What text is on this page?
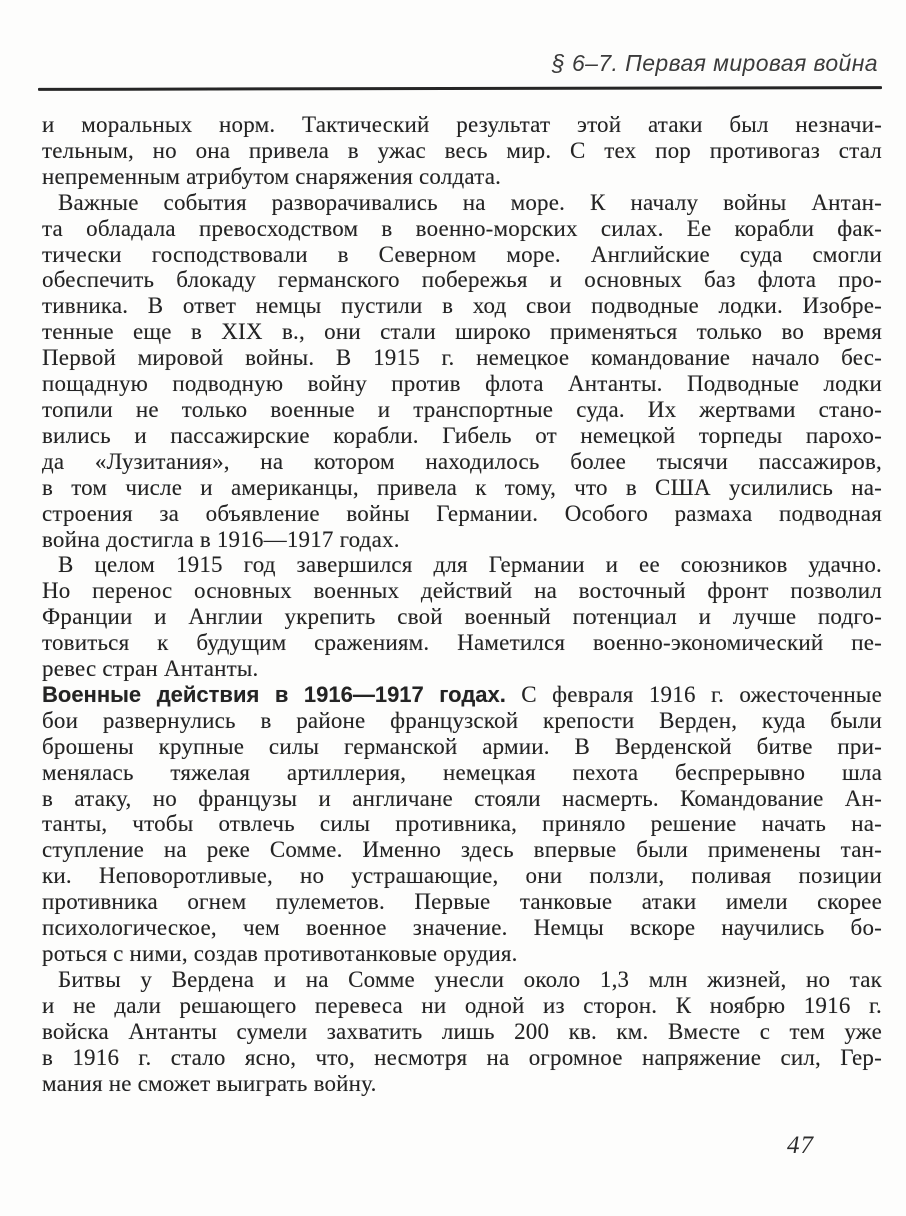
§ 6–7. Первая мировая война
и моральных норм. Тактический результат этой атаки был незначи-
тельным, но она привела в ужас весь мир. С тех пор противогаз стал
непременным атрибутом снаряжения солдата.
Важные события разворачивались на море. К началу войны Антан-
та обладала превосходством в военно-морских силах. Ее корабли фак-
тически господствовали в Северном море. Английские суда смогли
обеспечить блокаду германского побережья и основных баз флота про-
тивника. В ответ немцы пустили в ход свои подводные лодки. Изобре-
тенные еще в XIX в., они стали широко применяться только во время
Первой мировой войны. В 1915 г. немецкое командование начало бес-
пощадную подводную войну против флота Антанты. Подводные лодки
топили не только военные и транспортные суда. Их жертвами стано-
вились и пассажирские корабли. Гибель от немецкой торпеды парохо-
да «Лузитания», на котором находилось более тысячи пассажиров,
в том числе и американцы, привела к тому, что в США усилились на-
строения за объявление войны Германии. Особого размаха подводная
война достигла в 1916—1917 годах.
В целом 1915 год завершился для Германии и ее союзников удачно.
Но перенос основных военных действий на восточный фронт позволил
Франции и Англии укрепить свой военный потенциал и лучше подго-
товиться к будущим сражениям. Наметился военно-экономический пе-
ревес стран Антанты.
Военные действия в 1916—1917 годах. С февраля 1916 г. ожесточенные
бои развернулись в районе французской крепости Верден, куда были
брошены крупные силы германской армии. В Верденской битве при-
менялась тяжелая артиллерия, немецкая пехота беспрерывно шла
в атаку, но французы и англичане стояли насмерть. Командование Ан-
танты, чтобы отвлечь силы противника, приняло решение начать на-
ступление на реке Сомме. Именно здесь впервые были применены тан-
ки. Неповоротливые, но устрашающие, они ползли, поливая позиции
противника огнем пулеметов. Первые танковые атаки имели скорее
психологическое, чем военное значение. Немцы вскоре научились бо-
роться с ними, создав противотанковые орудия.
Битвы у Вердена и на Сомме унесли около 1,3 млн жизней, но так
и не дали решающего перевеса ни одной из сторон. К ноябрю 1916 г.
войска Антанты сумели захватить лишь 200 кв. км. Вместе с тем уже
в 1916 г. стало ясно, что, несмотря на огромное напряжение сил, Гер-
мания не сможет выиграть войну.
47
